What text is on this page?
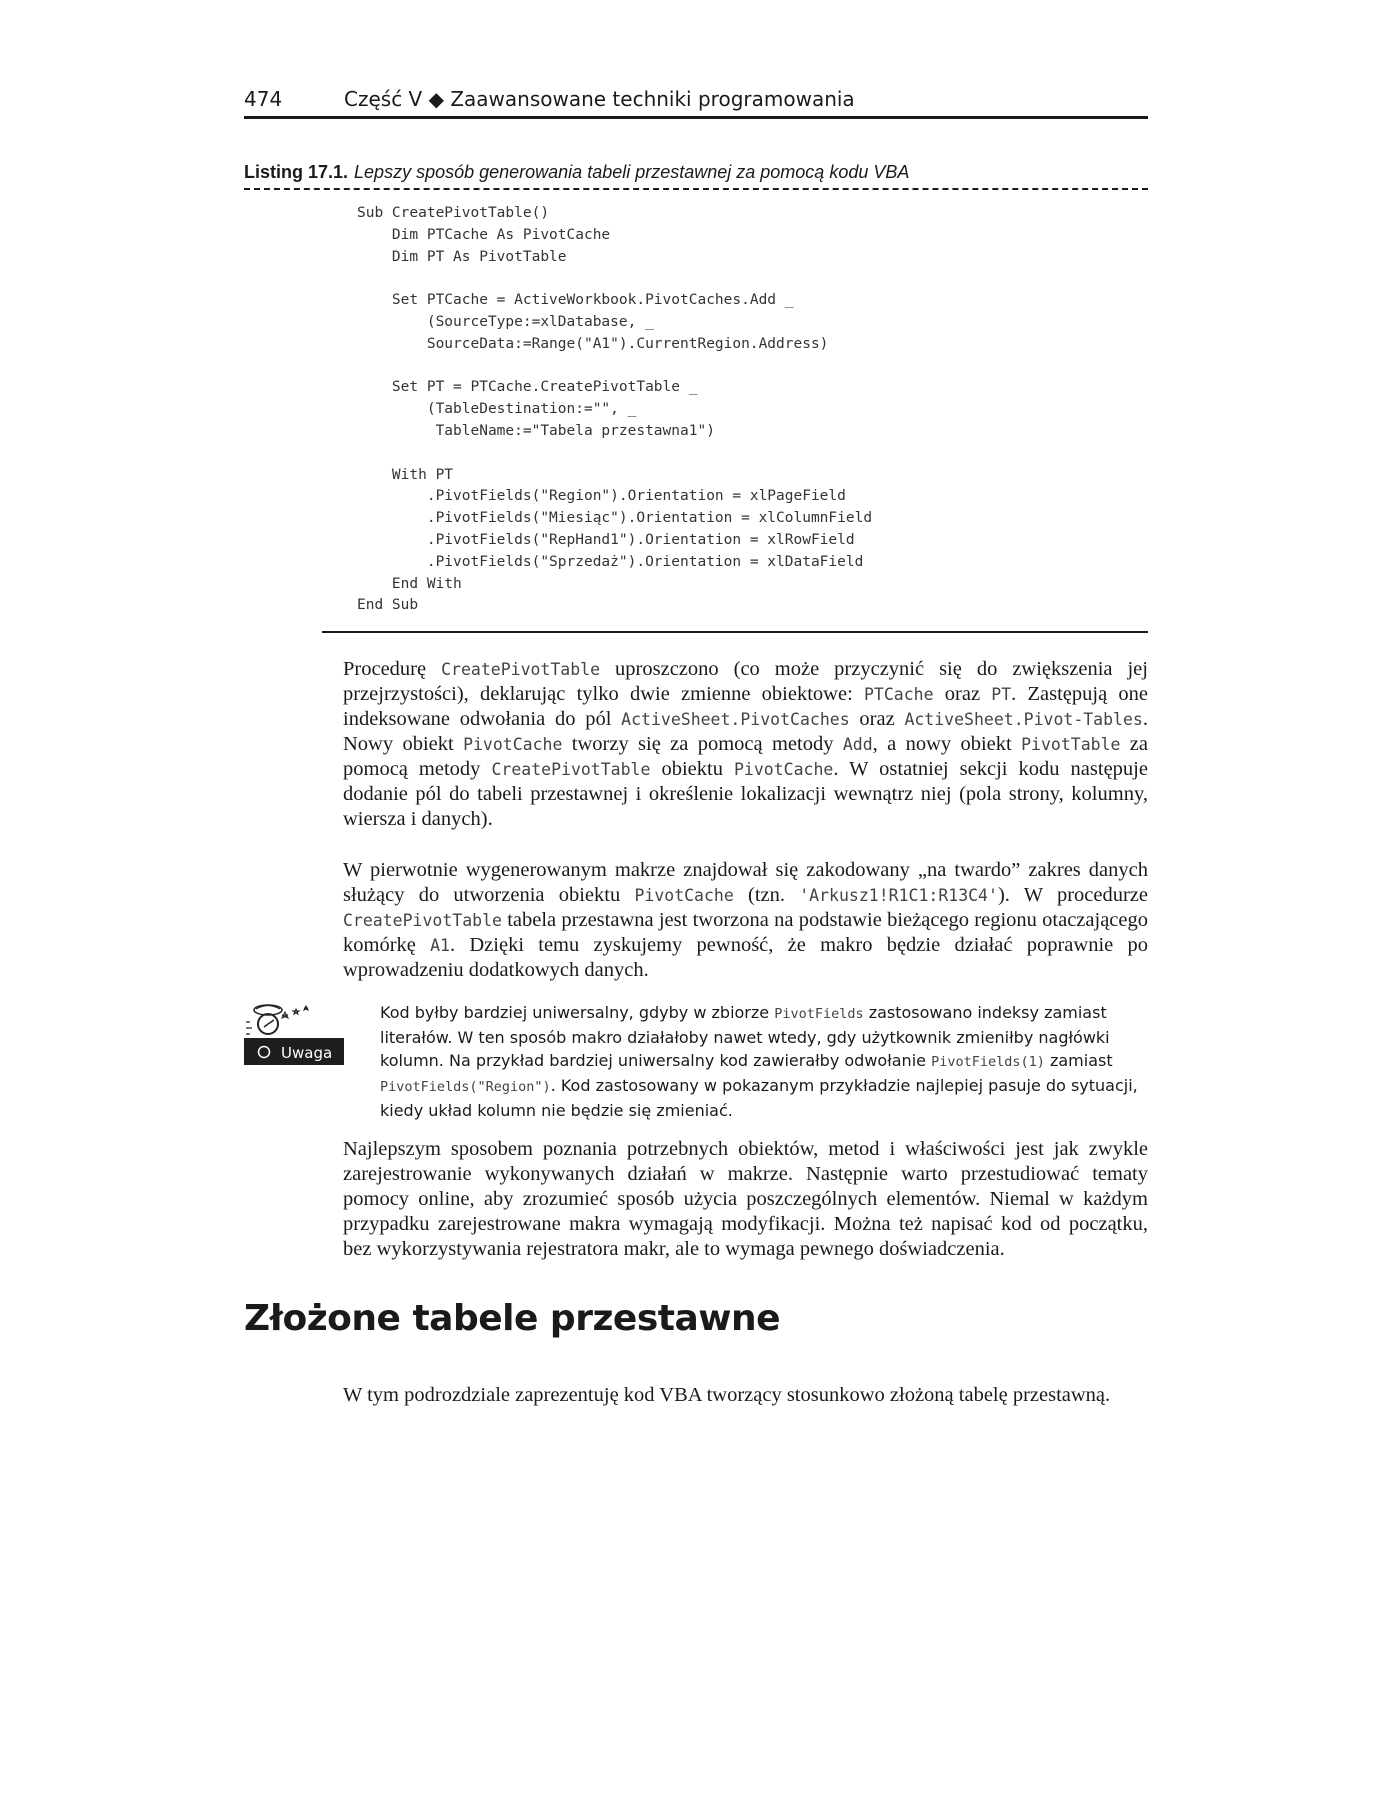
474	Część V ◆ Zaawansowane techniki programowania
Listing 17.1. Lepszy sposób generowania tabeli przestawnej za pomocą kodu VBA
Sub CreatePivotTable()
Dim PTCache As PivotCache
Dim PT As PivotTable

Set PTCache = ActiveWorkbook.PivotCaches.Add _
(SourceType:=xlDatabase, _
SourceData:=Range("A1").CurrentRegion.Address)

Set PT = PTCache.CreatePivotTable _
(TableDestination:="", _
TableName:="Tabela przestawna1")

With PT
.PivotFields("Region").Orientation = xlPageField
.PivotFields("Miesiąc").Orientation = xlColumnField
.PivotFields("RepHand1").Orientation = xlRowField
.PivotFields("Sprzedaż").Orientation = xlDataField
End With
End Sub

Procedurę CreatePivotTable uproszczono (co może przyczynić się do zwiększenia jej przejrzystości), deklarując tylko dwie zmienne obiektowe: PTCache oraz PT. Zastępują one indeksowane odwołania do pól ActiveSheet.PivotCaches oraz ActiveSheet.Pivot-Tables. Nowy obiekt PivotCache tworzy się za pomocą metody Add, a nowy obiekt PivotTable za pomocą metody CreatePivotTable obiektu PivotCache. W ostatniej sekcji kodu następuje dodanie pól do tabeli przestawnej i określenie lokalizacji wewnątrz niej (pola strony, kolumny, wiersza i danych).

W pierwotnie wygenerowanym makrze znajdował się zakodowany „na twardo” zakres danych służący do utworzenia obiektu PivotCache (tzn. 'Arkusz1!R1C1:R13C4'). W procedurze CreatePivotTable tabela przestawna jest tworzona na podstawie bieżącego regionu otaczającego komórkę A1. Dzięki temu zyskujemy pewność, że makro będzie działać poprawnie po wprowadzeniu dodatkowych danych.

Uwaga

Kod byłby bardziej uniwersalny, gdyby w zbiorze PivotFields zastosowano indeksy zamiast literałów. W ten sposób makro działałoby nawet wtedy, gdy użytkownik zmieniłby nagłówki kolumn. Na przykład bardziej uniwersalny kod zawierałby odwołanie PivotFields(1) zamiast PivotFields("Region"). Kod zastosowany w pokazanym przykładzie najlepiej pasuje do sytuacji, kiedy układ kolumn nie będzie się zmieniać.

Najlepszym sposobem poznania potrzebnych obiektów, metod i właściwości jest jak zwykle zarejestrowanie wykonywanych działań w makrze. Następnie warto przestudiować tematy pomocy online, aby zrozumieć sposób użycia poszczególnych elementów. Niemal w każdym przypadku zarejestrowane makra wymagają modyfikacji. Można też napisać kod od początku, bez wykorzystywania rejestratora makr, ale to wymaga pewnego doświadczenia.

Złożone tabele przestawne

W tym podrozdziale zaprezentuję kod VBA tworzący stosunkowo złożoną tabelę przestawną.
